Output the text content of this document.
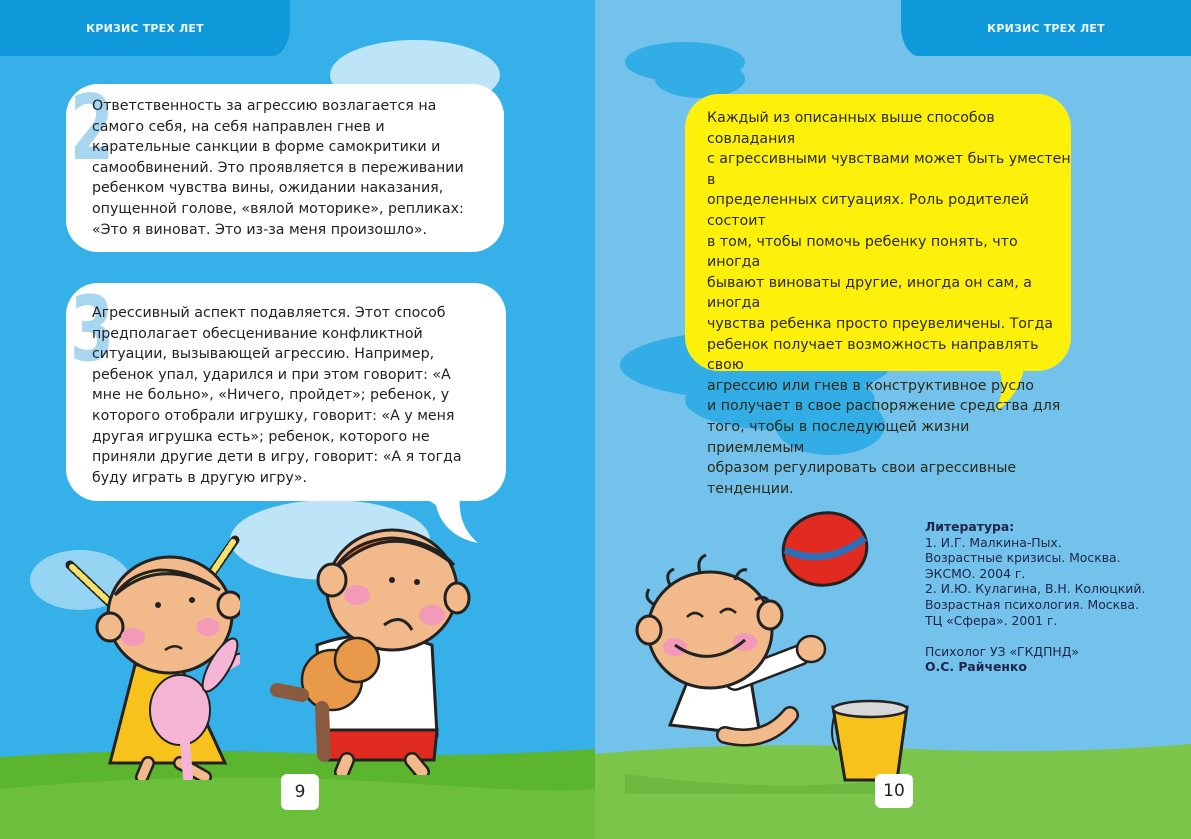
КРИЗИС ТРЕХ ЛЕТ
2

Ответственность за агрессию возлагается на
самого себя, на себя направлен гнев и
карательные санкции в форме самокритики и
самообвинений. Это проявляется в переживании
ребенком чувства вины, ожидании наказания,
опущенной голове, «вялой моторике», репликах:
«Это я виноват. Это из-за меня произошло».

3

Агрессивный аспект подавляется. Этот способ
предполагает обесценивание конфликтной
ситуации, вызывающей агрессию. Например,
ребенок упал, ударился и при этом говорит: «А
мне не больно», «Ничего, пройдет»; ребенок, у
которого отобрали игрушку, говорит: «А у меня
другая игрушка есть»; ребенок, которого не
приняли другие дети в игру, говорит: «А я тогда
буду играть в другую игру».

9
КРИЗИС ТРЕХ ЛЕТ

Каждый из описанных выше способов совладания
с агрессивными чувствами может быть уместен в
определенных ситуациях. Роль родителей состоит
в том, чтобы помочь ребенку понять, что иногда
бывают виноваты другие, иногда он сам, а иногда
чувства ребенка просто преувеличены. Тогда
ребенок получает возможность направлять свою
агрессию или гнев в конструктивное русло
и получает в свое распоряжение средства для
того, чтобы в последующей жизни приемлемым
образом регулировать свои агрессивные
тенденции.

Литература:
1. И.Г. Малкина-Пых.
Возрастные кризисы. Москва.
ЭКСМО. 2004 г.
2. И.Ю. Кулагина, В.Н. Колюцкий.
Возрастная психология. Москва.
ТЦ «Сфера». 2001 г.
Психолог УЗ «ГКДПНД»
О.С. Райченко
10
